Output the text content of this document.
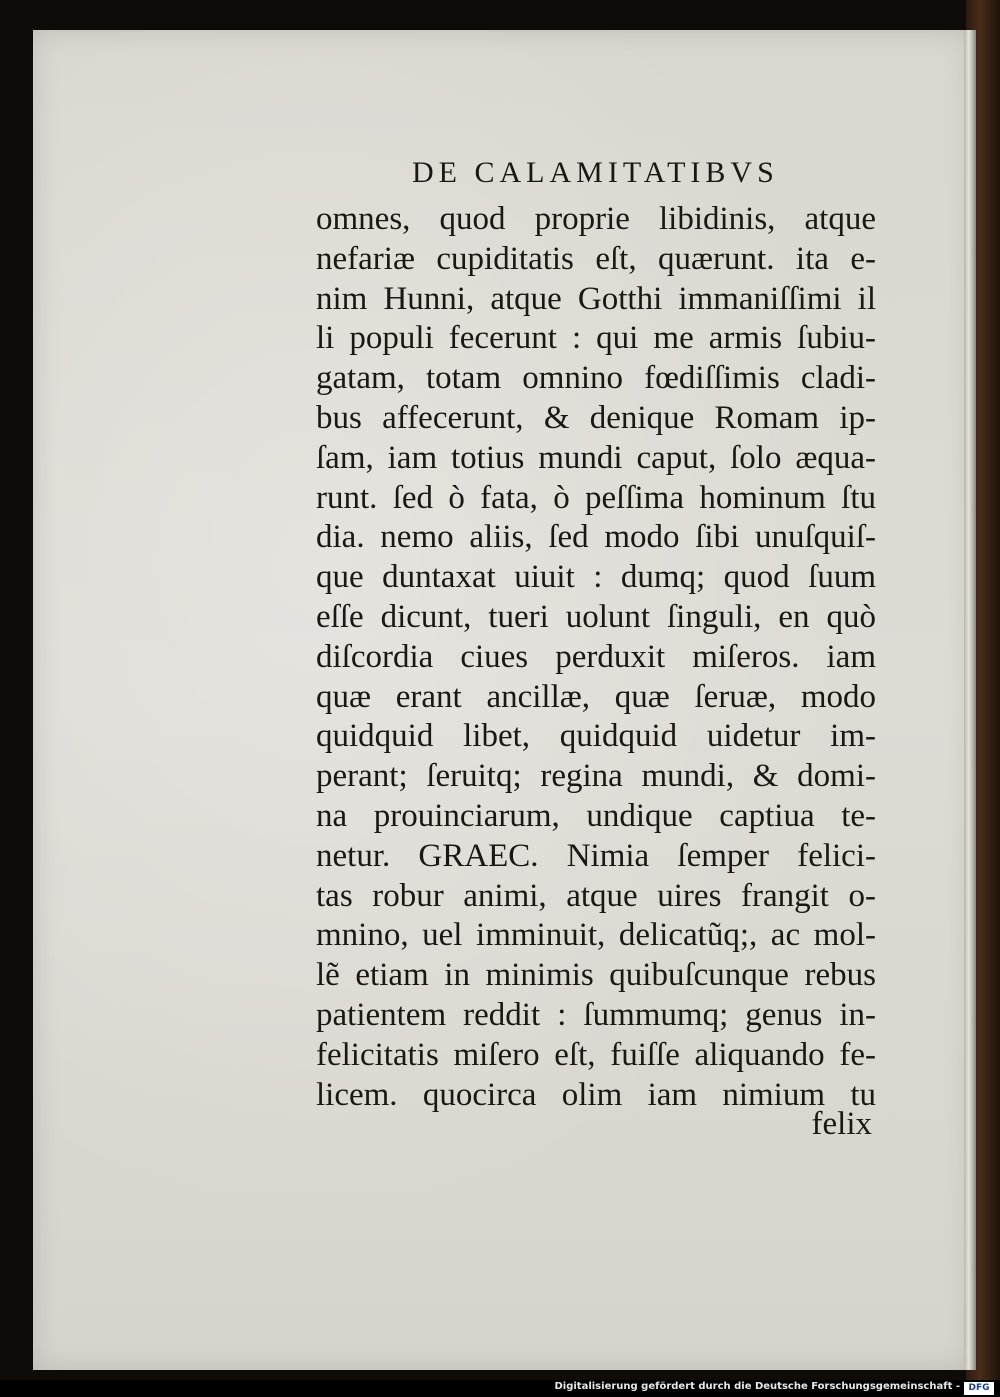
DE CALAMITATIBVS
omnes, quod proprie libidinis, atque
nefariæ cupiditatis eſt, quærunt. ita e-
nim Hunni, atque Gotthi immaniſſimi il
li populi fecerunt : qui me armis ſubiu-
gatam, totam omnino fœdiſſimis cladi-
bus affecerunt, & denique Romam ip-
ſam, iam totius mundi caput, ſolo æqua-
runt. ſed ò fata, ò peſſima hominum ſtu
dia. nemo aliis, ſed modo ſibi unuſquiſ-
que duntaxat uiuit : dumq; quod ſuum
eſſe dicunt, tueri uolunt ſinguli, en quò
diſcordia ciues perduxit miſeros. iam
quæ erant ancillæ, quæ ſeruæ, modo
quidquid libet, quidquid uidetur im-
perant; ſeruitq; regina mundi, & domi-
na prouinciarum, undique captiua te-
netur. GRAEC. Nimia ſemper felici-
tas robur animi, atque uires frangit o-
mnino, uel imminuit, delicatũq;, ac mol-
lẽ etiam in minimis quibuſcunque rebus
patientem reddit : ſummumq; genus in-
felicitatis miſero eſt, fuiſſe aliquando fe-
licem. quocirca olim iam nimium tu
felix
Digitalisierung gefördert durch die Deutsche Forschungsgemeinschaft - DFG
